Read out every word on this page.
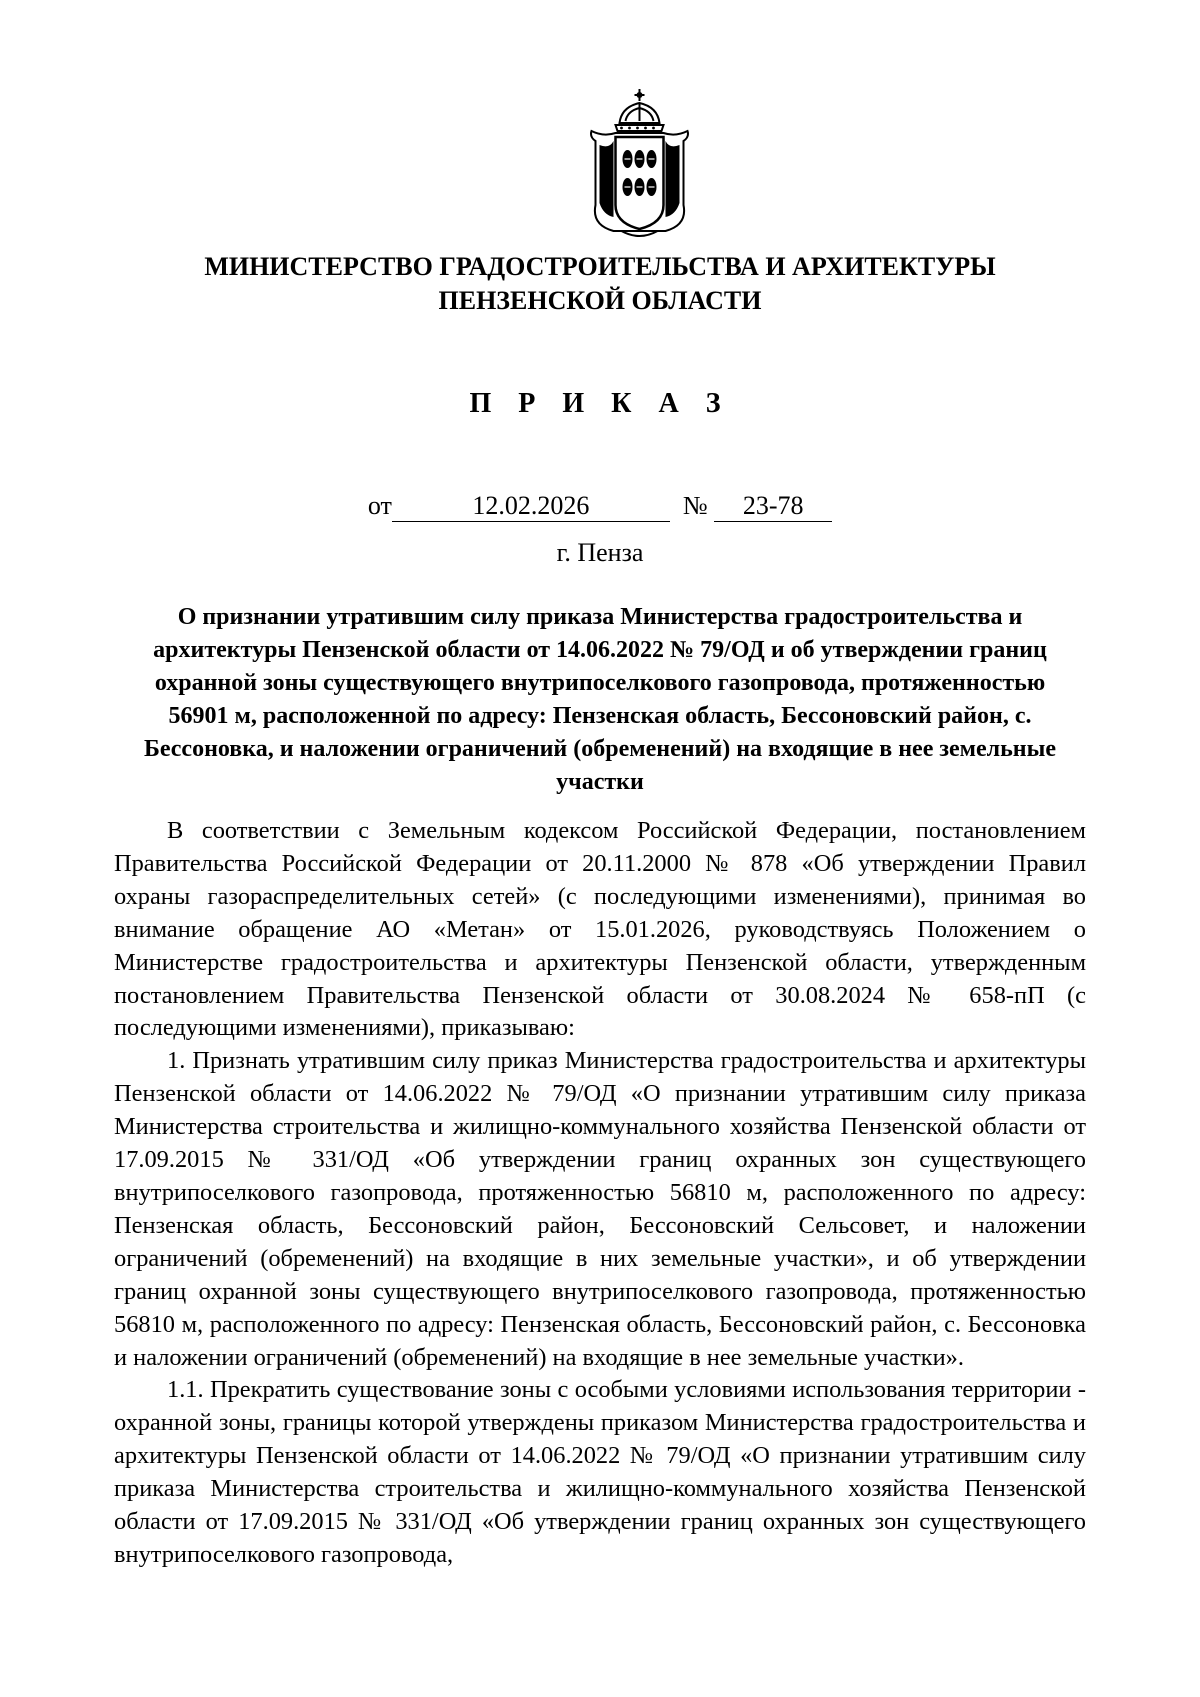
МИНИСТЕРСТВО ГРАДОСТРОИТЕЛЬСТВА И АРХИТЕКТУРЫ
ПЕНЗЕНСКОЙ ОБЛАСТИ
П Р И К А З
от	12.02.2026	№ 23-78
г. Пенза
О признании утратившим силу приказа Министерства градостроительства и архитектуры Пензенской области от 14.06.2022 № 79/ОД и об утверждении границ охранной зоны существующего внутрипоселкового газопровода, протяженностью 56901 м, расположенной по адресу: Пензенская область, Бессоновский район, с. Бессоновка, и наложении ограничений (обременений) на входящие в нее земельные участки

В соответствии с Земельным кодексом Российской Федерации, постановлением Правительства Российской Федерации от 20.11.2000 № 878 «Об утверждении Правил охраны газораспределительных сетей» (с последующими изменениями), принимая во внимание обращение АО «Метан» от 15.01.2026, руководствуясь Положением о Министерстве градостроительства и архитектуры Пензенской области, утвержденным постановлением Правительства Пензенской области от 30.08.2024 № 658-пП (с последующими изменениями), приказываю:

1. Признать утратившим силу приказ Министерства градостроительства и архитектуры Пензенской области от 14.06.2022 № 79/ОД «О признании утратившим силу приказа Министерства строительства и жилищно-коммунального хозяйства Пензенской области от 17.09.2015 № 331/ОД «Об утверждении границ охранных зон существующего внутрипоселкового газопровода, протяженностью 56810 м, расположенного по адресу: Пензенская область, Бессоновский район, Бессоновский Сельсовет, и наложении ограничений (обременений) на входящие в них земельные участки», и об утверждении границ охранной зоны существующего внутрипоселкового газопровода, протяженностью 56810 м, расположенного по адресу: Пензенская область, Бессоновский район, с. Бессоновка и наложении ограничений (обременений) на входящие в нее земельные участки».

1.1. Прекратить существование зоны с особыми условиями использования территории - охранной зоны, границы которой утверждены приказом Министерства градостроительства и архитектуры Пензенской области от 14.06.2022 № 79/ОД «О признании утратившим силу приказа Министерства строительства и жилищно-коммунального хозяйства Пензенской области от 17.09.2015 № 331/ОД «Об утверждении границ охранных зон существующего внутрипоселкового газопровода,
